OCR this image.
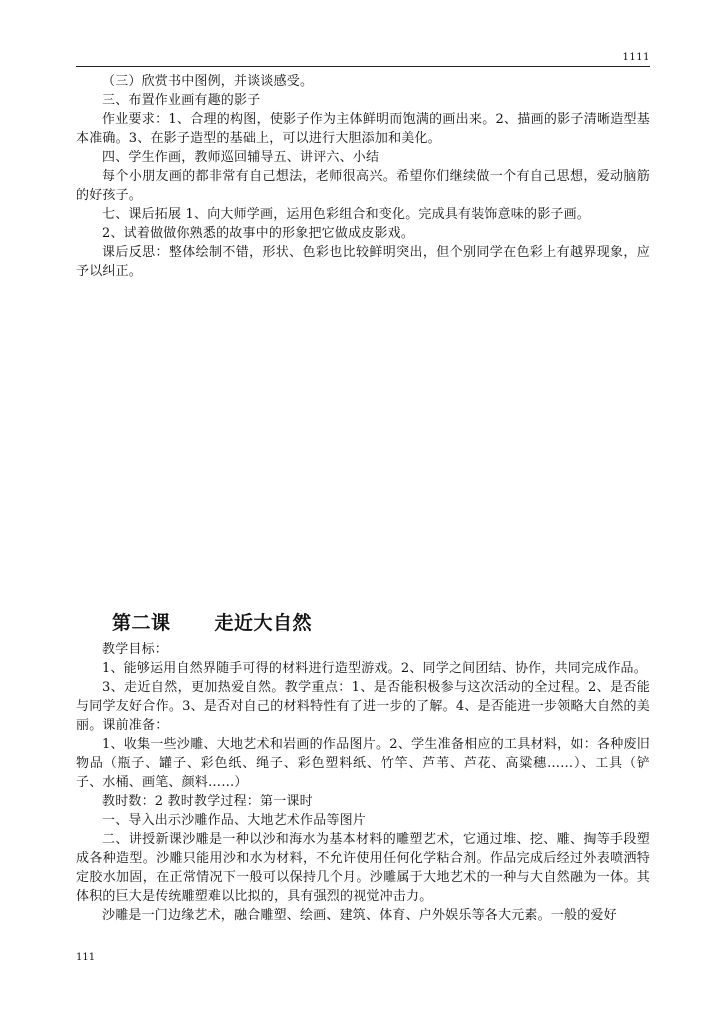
1111

（三）欣赏书中图例，并谈谈感受。

三、布置作业画有趣的影子

作业要求：1、合理的构图，使影子作为主体鲜明而饱满的画出来。2、描画的影子清晰造型基本准确。3、在影子造型的基础上，可以进行大胆添加和美化。

四、学生作画，教师巡回辅导五、讲评六、小结

每个小朋友画的都非常有自己想法，老师很高兴。希望你们继续做一个有自己思想，爱动脑筋的好孩子。

七、课后拓展 1、向大师学画，运用色彩组合和变化。完成具有装饰意味的影子画。

2、试着做做你熟悉的故事中的形象把它做成皮影戏。

课后反思：整体绘制不错，形状、色彩也比较鲜明突出，但个别同学在色彩上有越界现象，应予以纠正。

第二课 走近大自然

教学目标：

1、能够运用自然界随手可得的材料进行造型游戏。2、同学之间团结、协作，共同完成作品。

3、走近自然，更加热爱自然。教学重点：1、是否能积极参与这次活动的全过程。2、是否能与同学友好合作。3、是否对自己的材料特性有了进一步的了解。4、是否能进一步领略大自然的美丽。课前准备：

1、收集一些沙雕、大地艺术和岩画的作品图片。2、学生准备相应的工具材料，如：各种废旧物品（瓶子、罐子、彩色纸、绳子、彩色塑料纸、竹竿、芦苇、芦花、高粱穗……）、工具（铲子、水桶、画笔、颜料……）

教时数：2 教时教学过程：第一课时

一、导入出示沙雕作品、大地艺术作品等图片

二、讲授新课沙雕是一种以沙和海水为基本材料的雕塑艺术，它通过堆、挖、雕、掏等手段塑成各种造型。沙雕只能用沙和水为材料，不允许使用任何化学粘合剂。作品完成后经过外表喷洒特定胶水加固，在正常情况下一般可以保持几个月。沙雕属于大地艺术的一种与大自然融为一体。其体积的巨大是传统雕塑难以比拟的，具有强烈的视觉冲击力。

沙雕是一门边缘艺术，融合雕塑、绘画、建筑、体育、户外娱乐等各大元素。一般的爱好

111
